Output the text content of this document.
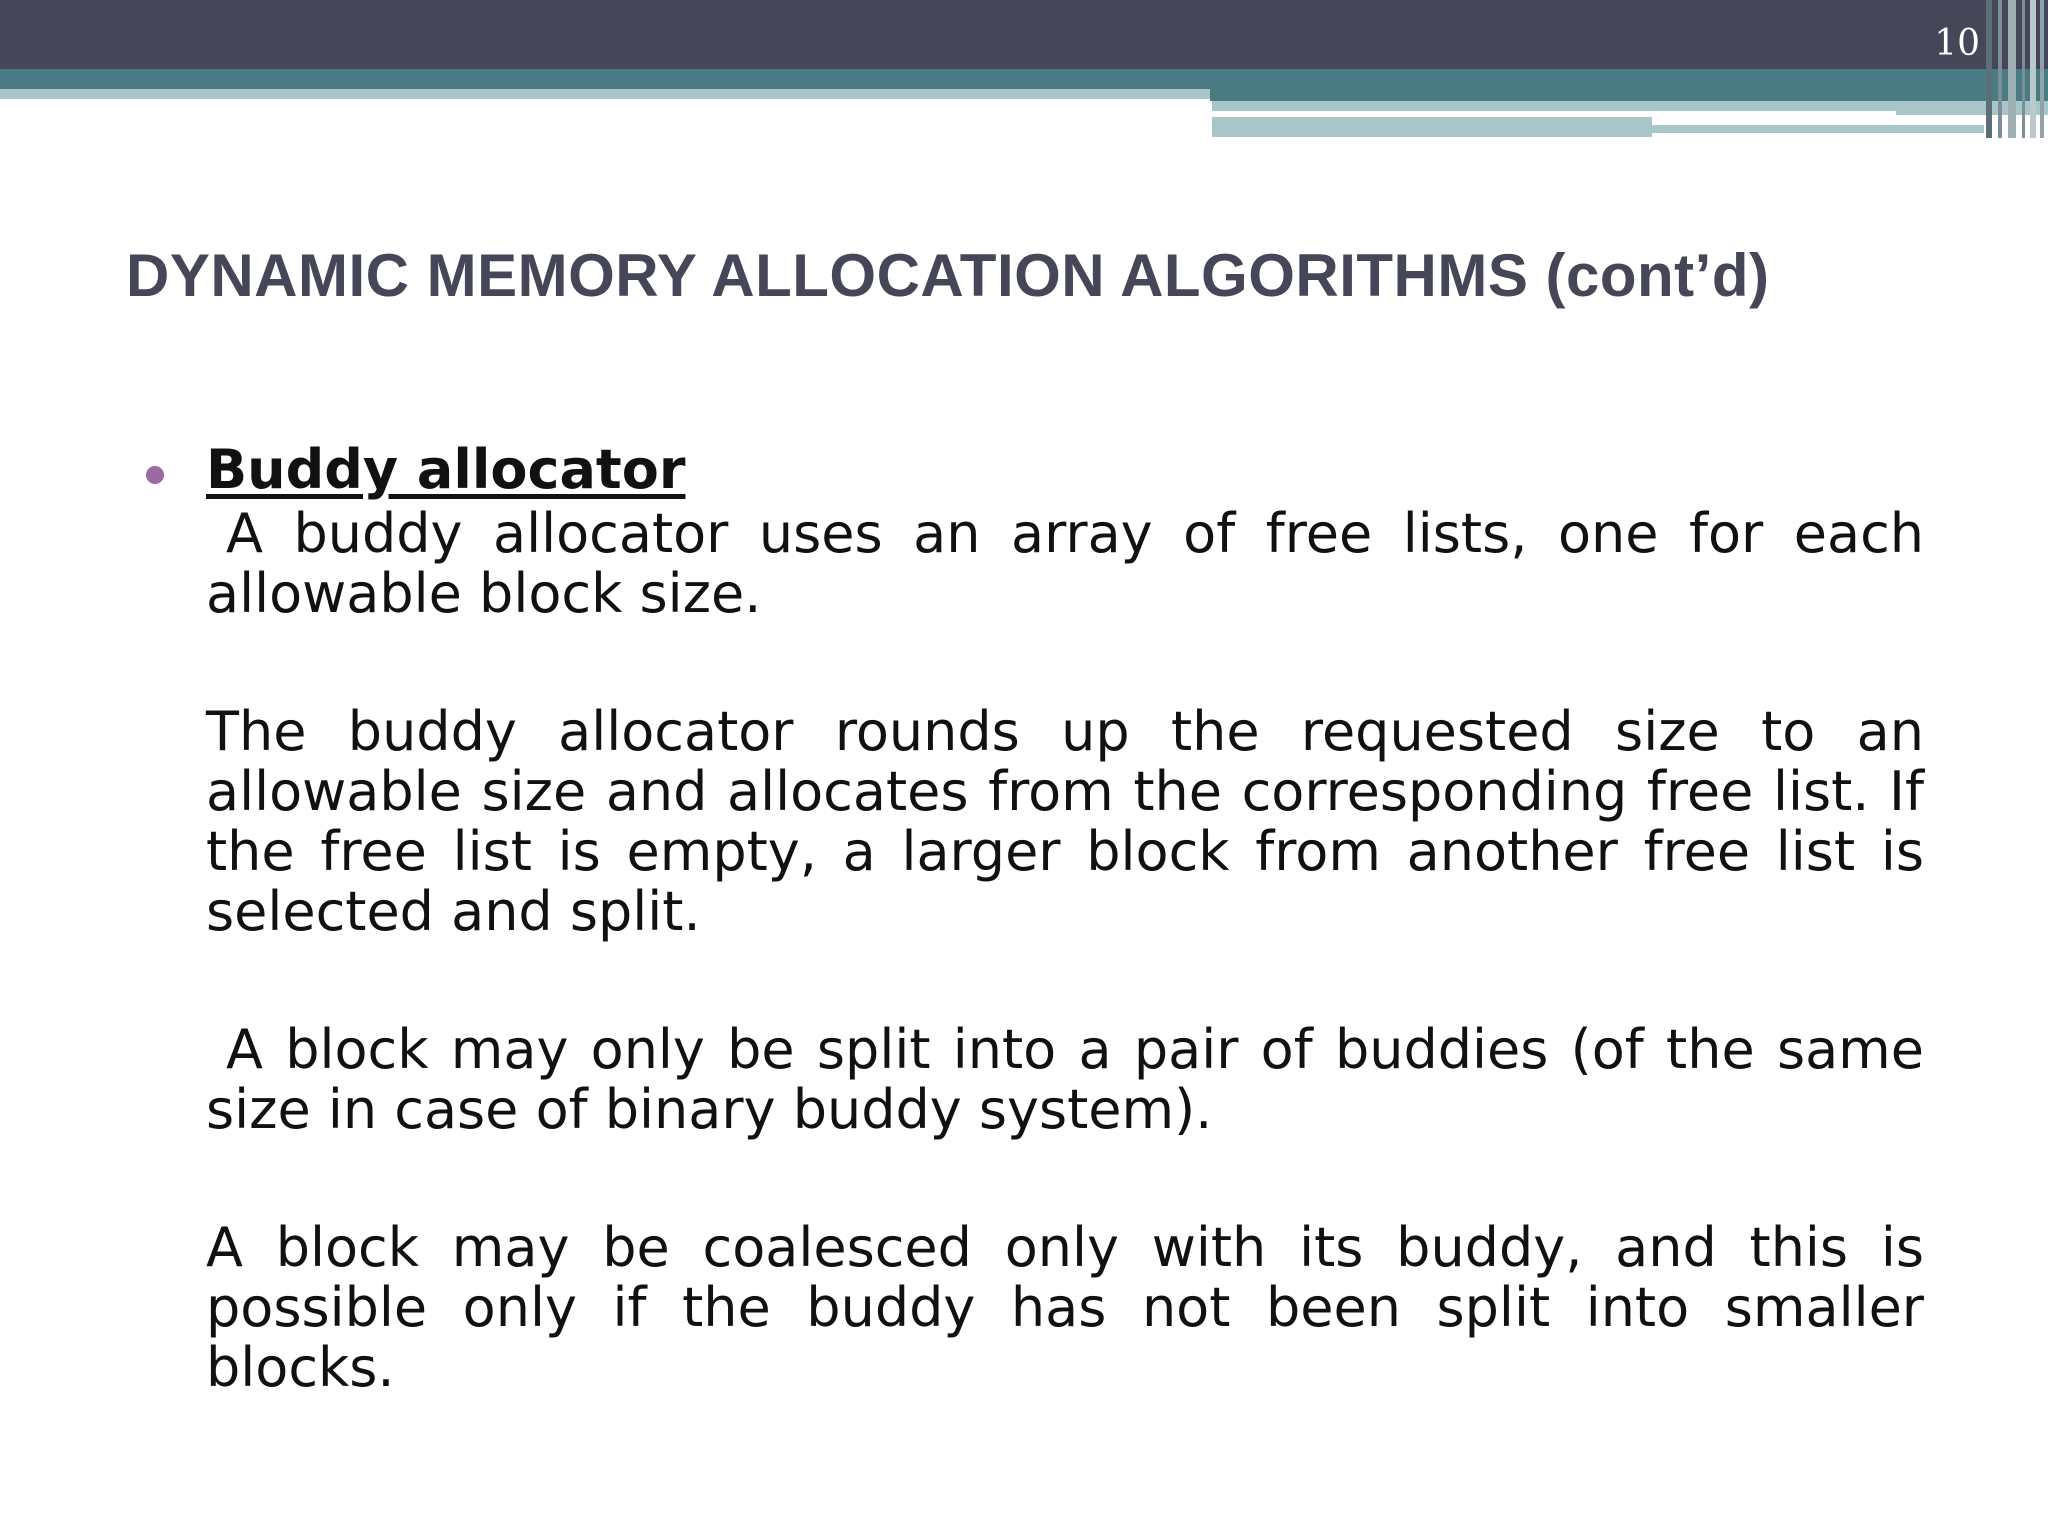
10
DYNAMIC MEMORY ALLOCATION ALGORITHMS (cont’d)
Buddy allocator
A buddy allocator uses an array of free lists, one for each allowable block size.
The buddy allocator rounds up the requested size to an allowable size and allocates from the corresponding free list. If the free list is empty, a larger block from another free list is selected and split.
A block may only be split into a pair of buddies (of the same size in case of binary buddy system).
A block may be coalesced only with its buddy, and this is possible only if the buddy has not been split into smaller blocks.
